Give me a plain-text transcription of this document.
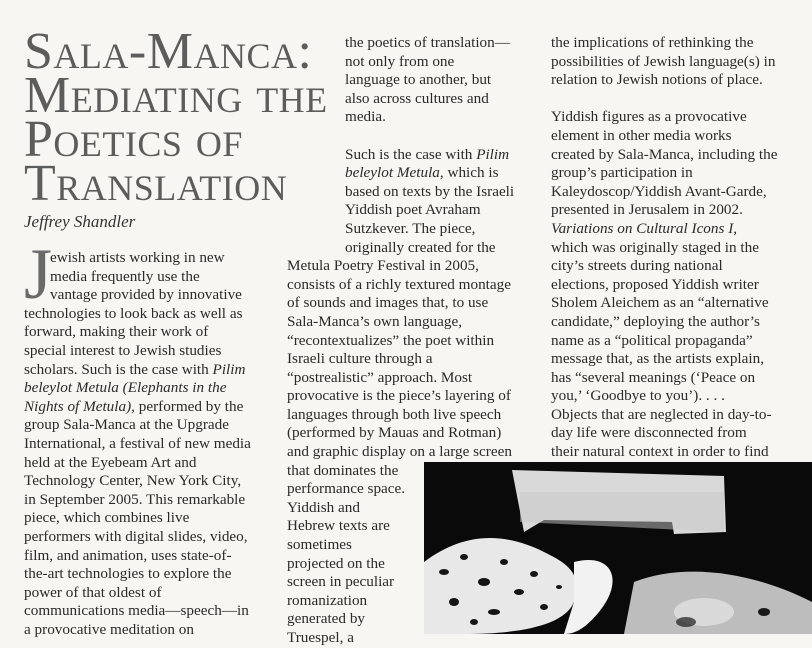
Sala-Manca:
Mediating the
Poetics of
Translation
Jeffrey Shandler
J
ewish artists working in new
media frequently use the
vantage provided by innovative
technologies to look back as well as
forward, making their work of
special interest to Jewish studies
scholars. Such is the case with Pilim
beleylot Metula (Elephants in the
Nights of Metula), performed by the
group Sala-Manca at the Upgrade
International, a festival of new media
held at the Eyebeam Art and
Technology Center, New York City,
in September 2005. This remarkable
piece, which combines live
performers with digital slides, video,
film, and animation, uses state-of-
the-art technologies to explore the
power of that oldest of
communications media—speech—in
a provocative meditation on
the poetics of translation—
not only from one
language to another, but
also across cultures and
media.

Such is the case with Pilim
beleylot Metula, which is
based on texts by the Israeli
Yiddish poet Avraham
Sutzkever. The piece,
originally created for the
Metula Poetry Festival in 2005,
consists of a richly textured montage
of sounds and images that, to use
Sala-Manca’s own language,
“recontextualizes” the poet within
Israeli culture through a
“postrealistic” approach. Most
provocative is the piece’s layering of
languages through both live speech
(performed by Mauas and Rotman)
and graphic display on a large screen
that dominates the
performance space.
Yiddish and
Hebrew texts are
sometimes
projected on the
screen in peculiar
romanization
generated by
Truespel, a
the implications of rethinking the
possibilities of Jewish language(s) in
relation to Jewish notions of place.

Yiddish figures as a provocative
element in other media works
created by Sala-Manca, including the
group’s participation in
Kaleydoscop/Yiddish Avant-Garde,
presented in Jerusalem in 2002.
Variations on Cultural Icons I,
which was originally staged in the
city’s streets during national
elections, proposed Yiddish writer
Sholem Aleichem as an “alternative
candidate,” deploying the author’s
name as a “political propaganda”
message that, as the artists explain,
has “several meanings (‘Peace on
you,’ ‘Goodbye to you’). . . .
Objects that are neglected in day-to-
day life were disconnected from
their natural context in order to find
